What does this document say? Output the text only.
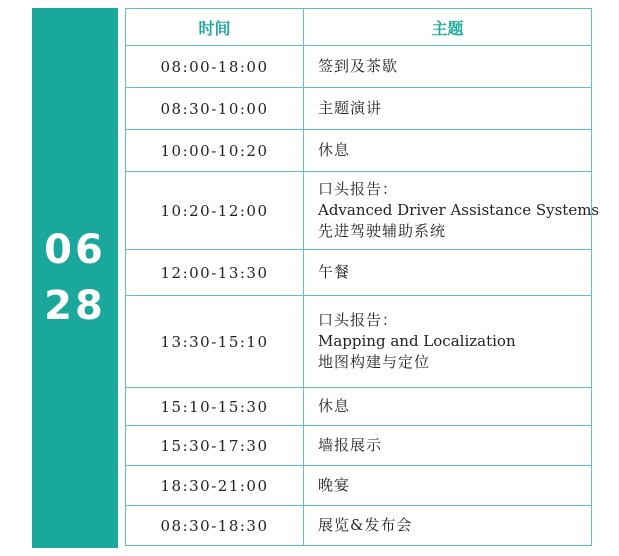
06
28
时间	主题
08:00-18:00	签到及茶歇

08:30-10:00	主题演讲

10:00-10:20	休息

10:20-12:00	口头报告：
Advanced Driver Assistance Systems
先进驾驶辅助系统

12:00-13:30	午餐

13:30-15:10	口头报告：
Mapping and Localization
地图构建与定位

15:10-15:30	休息

15:30-17:30	墙报展示

18:30-21:00	晚宴

08:30-18:30	展览&发布会
